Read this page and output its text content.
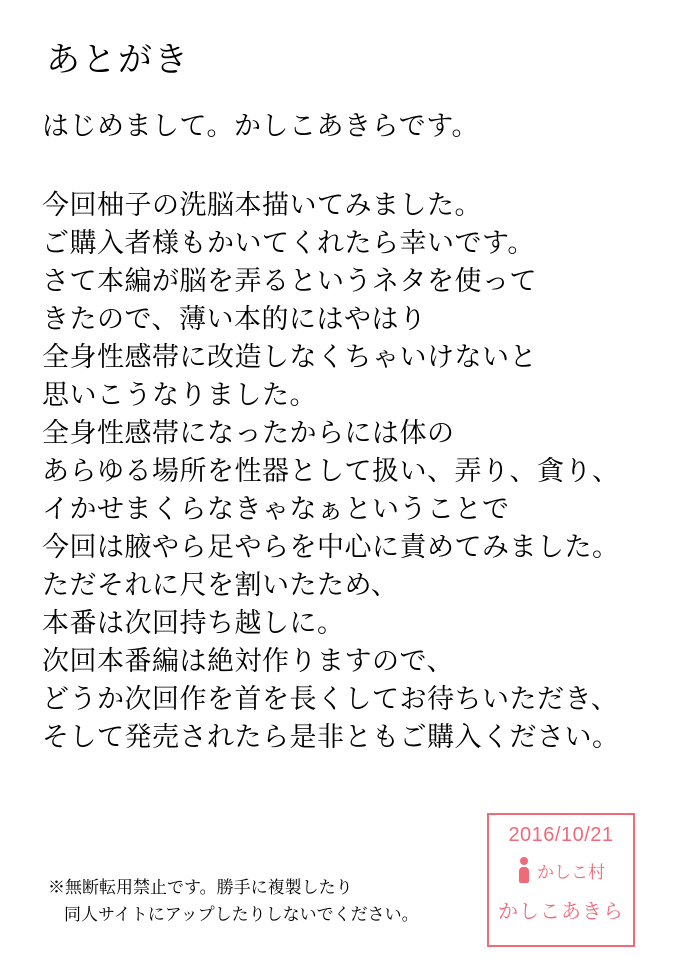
あとがき
はじめまして。かしこあきらです。
今回柚子の洗脳本描いてみました。
ご購入者様もかいてくれたら幸いです。
さて本編が脳を弄るというネタを使って
きたので、薄い本的にはやはり
全身性感帯に改造しなくちゃいけないと
思いこうなりました。
全身性感帯になったからには体の
あらゆる場所を性器として扱い、弄り、貪り、
イかせまくらなきゃなぁということで
今回は腋やら足やらを中心に責めてみました。
ただそれに尺を割いたため、
本番は次回持ち越しに。
次回本番編は絶対作りますので、
どうか次回作を首を長くしてお待ちいただき、
そして発売されたら是非ともご購入ください。
※無断転用禁止です。勝手に複製したり
同人サイトにアップしたりしないでください。
2016/10/21

かしこ村
かしこあきら
